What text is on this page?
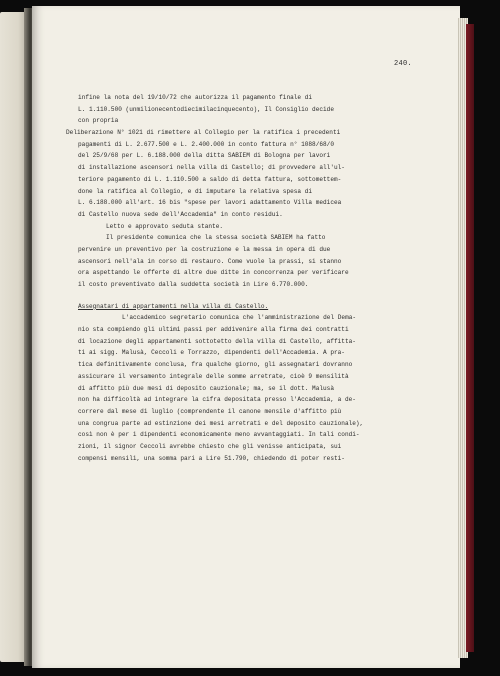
240.
infine la nota del 19/10/72 che autorizza il pagamento finale di
L. 1.110.500 (unmilionecentodiecimilacinquecento), Il Consiglio decide
con propria
Deliberazione N° 1021 di rimettere al Collegio per la ratifica i precedenti
pagamenti di L. 2.677.500 e L. 2.400.000 in conto fattura n° 1088/68/0
del 25/9/68 per L. 6.188.000 della ditta SABIEM di Bologna per lavori
di installazione ascensori nella villa di Castello; di provvedere all'ul-
teriore pagamento di L. 1.110.500 a saldo di detta fattura, sottomettem-
done la ratifica al Collegio, e di imputare la relativa spesa di
L. 6.188.000 all'art. 16 bis "spese per lavori adattamento Villa medicea
di Castello nuova sede dell'Accademia" in conto residui.
Letto e approvato seduta stante.
Il presidente comunica che la stessa società SABIEM ha fatto
pervenire un preventivo per la costruzione e la messa in opera di due
ascensori nell'ala in corso di restauro. Come vuole la prassi, si stanno
ora aspettando le offerte di altre due ditte in concorrenza per verificare
il costo preventivato dalla suddetta società in Lire 6.770.000.
Assegnatari di appartamenti nella villa di Castello.
L'accademico segretario comunica che l'amministrazione del Dema-
nio sta compiendo gli ultimi passi per addivenire alla firma dei contratti
di locazione degli appartamenti sottotetto della villa di Castello, affitta-
ti ai sigg. Malusà, Ceccoli e Torrazzo, dipendenti dell'Accademia. A pra-
tica definitivamente conclusa, fra qualche giorno, gli assegnatari dovranno
assicurare il versamento integrale delle somme arretrate, cioè 9 mensilità
di affitto più due mesi di deposito cauzionale; ma, se il dott. Malusà
non ha difficoltà ad integrare la cifra depositata presso l'Accademia, a de-
correre dal mese di luglio (comprendente il canone mensile d'affitto più
una congrua parte ad estinzione dei mesi arretrati e del deposito cauzionale),
così non è per i dipendenti economicamente meno avvantaggiati. In tali condi-
zioni, il signor Ceccoli avrebbe chiesto che gli venisse anticipata, sui
compensi mensili, una somma pari a Lire 51.790, chiedendo di poter resti-
